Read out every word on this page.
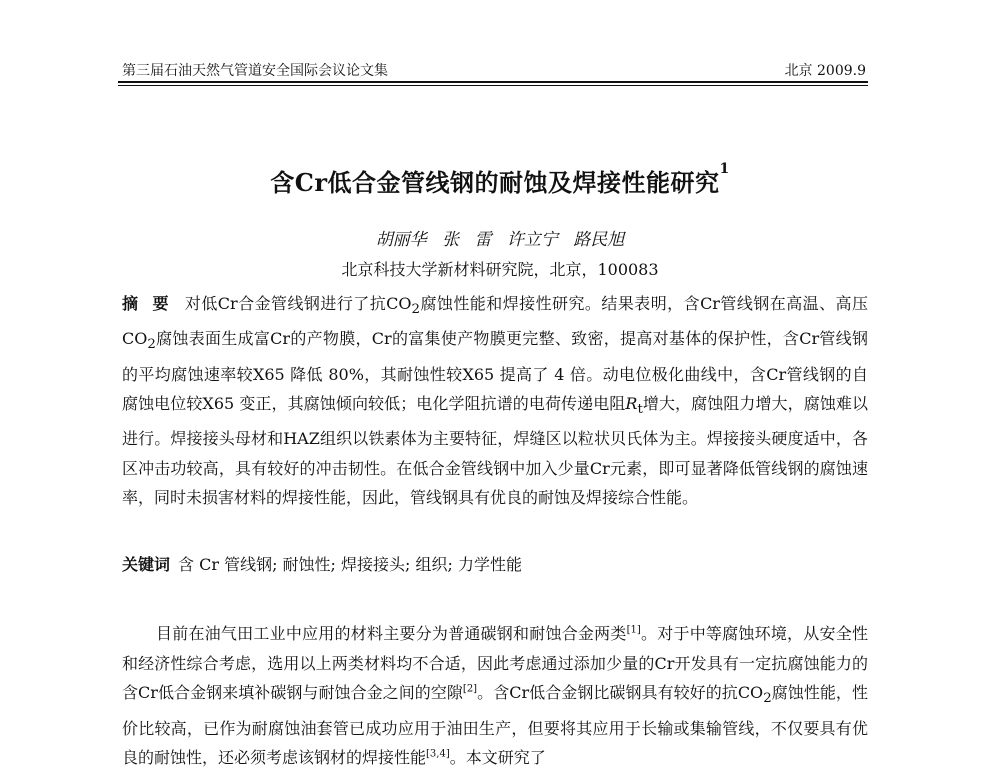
第三届石油天然气管道安全国际会议论文集	北京 2009.9
含Cr低合金管线钢的耐蚀及焊接性能研究$^1$
胡丽华 张 雷 许立宁 路民旭
北京科技大学新材料研究院，北京，100083
摘要 对低Cr合金管线钢进行了抗$CO_2$腐蚀性能和焊接性研究。结果表明，含Cr管线钢在高温、高压$CO_2$腐蚀表面生成富Cr的产物膜，Cr的富集使产物膜更完整、致密，提高对基体的保护性，含Cr管线钢的平均腐蚀速率较X65 降低 80%，其耐蚀性较X65 提高了 4 倍。动电位极化曲线中，含Cr管线钢的自腐蚀电位较X65 变正，其腐蚀倾向较低；电化学阻抗谱的电荷传递电阻$R_t$增大，腐蚀阻力增大，腐蚀难以进行。焊接接头母材和HAZ组织以铁素体为主要特征，焊缝区以粒状贝氏体为主。焊接接头硬度适中，各区冲击功较高，具有较好的冲击韧性。在低合金管线钢中加入少量Cr元素，即可显著降低管线钢的腐蚀速率，同时未损害材料的焊接性能，因此，管线钢具有优良的耐蚀及焊接综合性能。
关键词 含 Cr 管线钢; 耐蚀性; 焊接接头; 组织; 力学性能
目前在油气田工业中应用的材料主要分为普通碳钢和耐蚀合金两类[1]。对于中等腐蚀环境，从安全性和经济性综合考虑，选用以上两类材料均不合适，因此考虑通过添加少量的Cr开发具有一定抗腐蚀能力的含Cr低合金钢来填补碳钢与耐蚀合金之间的空隙[2]。含Cr低合金钢比碳钢具有较好的抗$CO_2$腐蚀性能，性价比较高，已作为耐腐蚀油套管已成功应用于油田生产，但要将其应用于长输或集输管线，不仅要具有优良的耐蚀性，还必须考虑该钢材的焊接性能[3,4]。本文研究了
